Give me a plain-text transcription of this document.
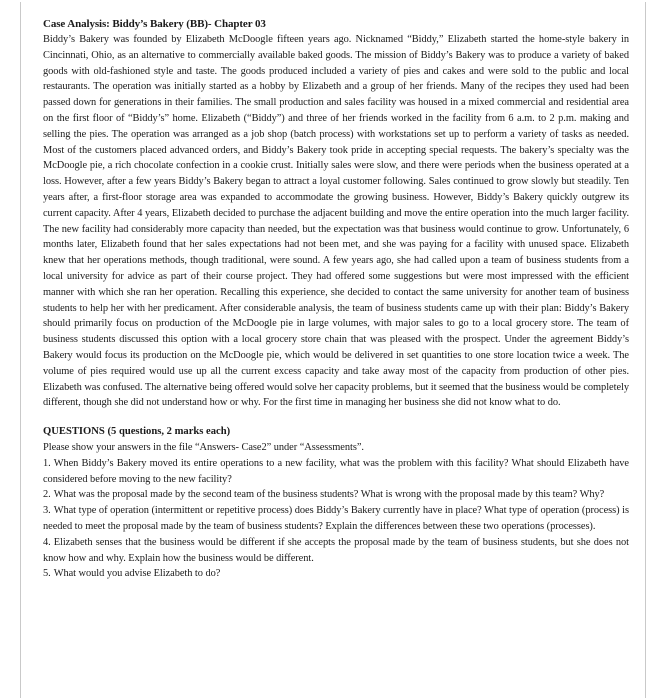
Case Analysis: Biddy’s Bakery (BB)- Chapter 03

Biddy’s Bakery was founded by Elizabeth McDoogle fifteen years ago. Nicknamed “Biddy,” Elizabeth started the home-style bakery in Cincinnati, Ohio, as an alternative to commercially available baked goods. The mission of Biddy’s Bakery was to produce a variety of baked goods with old-fashioned style and taste. The goods produced included a variety of pies and cakes and were sold to the public and local restaurants. The operation was initially started as a hobby by Elizabeth and a group of her friends. Many of the recipes they used had been passed down for generations in their families. The small production and sales facility was housed in a mixed commercial and residential area on the first floor of “Biddy’s” home. Elizabeth (“Biddy”) and three of her friends worked in the facility from 6 a.m. to 2 p.m. making and selling the pies. The operation was arranged as a job shop (batch process) with workstations set up to perform a variety of tasks as needed. Most of the customers placed advanced orders, and Biddy’s Bakery took pride in accepting special requests. The bakery’s specialty was the McDoogle pie, a rich chocolate confection in a cookie crust. Initially sales were slow, and there were periods when the business operated at a loss. However, after a few years Biddy’s Bakery began to attract a loyal customer following. Sales continued to grow slowly but steadily. Ten years after, a first-floor storage area was expanded to accommodate the growing business. However, Biddy’s Bakery quickly outgrew its current capacity. After 4 years, Elizabeth decided to purchase the adjacent building and move the entire operation into the much larger facility. The new facility had considerably more capacity than needed, but the expectation was that business would continue to grow. Unfortunately, 6 months later, Elizabeth found that her sales expectations had not been met, and she was paying for a facility with unused space. Elizabeth knew that her operations methods, though traditional, were sound. A few years ago, she had called upon a team of business students from a local university for advice as part of their course project. They had offered some suggestions but were most impressed with the efficient manner with which she ran her operation. Recalling this experience, she decided to contact the same university for another team of business students to help her with her predicament. After considerable analysis, the team of business students came up with their plan: Biddy’s Bakery should primarily focus on production of the McDoogle pie in large volumes, with major sales to go to a local grocery store. The team of business students discussed this option with a local grocery store chain that was pleased with the prospect. Under the agreement Biddy’s Bakery would focus its production on the McDoogle pie, which would be delivered in set quantities to one store location twice a week. The volume of pies required would use up all the current excess capacity and take away most of the capacity from production of other pies. Elizabeth was confused. The alternative being offered would solve her capacity problems, but it seemed that the business would be completely different, though she did not understand how or why. For the first time in managing her business she did not know what to do.

QUESTIONS (5 questions, 2 marks each)

Please show your answers in the file “Answers- Case2” under “Assessments”.

1. When Biddy’s Bakery moved its entire operations to a new facility, what was the problem with this facility? What should Elizabeth have considered before moving to the new facility?

2. What was the proposal made by the second team of the business students? What is wrong with the proposal made by this team? Why?

3. What type of operation (intermittent or repetitive process) does Biddy’s Bakery currently have in place? What type of operation (process) is needed to meet the proposal made by the team of business students? Explain the differences between these two operations (processes).

4. Elizabeth senses that the business would be different if she accepts the proposal made by the team of business students, but she does not know how and why. Explain how the business would be different.

5. What would you advise Elizabeth to do?
